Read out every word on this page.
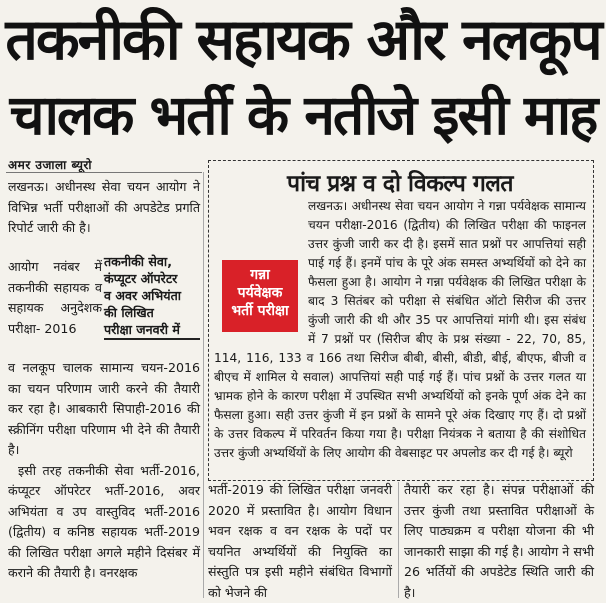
तकनीकी सहायक और नलकूप
चालक भर्ती के नतीजे इसी माह
अमर उजाला ब्यूरो
लखनऊ। अधीनस्थ सेवा चयन आयोग ने विभिन्न भर्ती परीक्षाओं की अपडेटेड प्रगति रिपोर्ट जारी की है।
आयोग नवंबर में तकनीकी सहायक व सहायक अनुदेशक परीक्षा- 2016
तकनीकी सेवा,
कंप्यूटर ऑपरेटर
व अवर अभियंता
की लिखित
परीक्षा जनवरी में

व नलकूप चालक सामान्य चयन-2016 का चयन परिणाम जारी करने की तैयारी कर रहा है। आबकारी सिपाही-2016 की स्क्रीनिंग परीक्षा परिणाम भी देने की तैयारी है।

इसी तरह तकनीकी सेवा भर्ती-2016, कंप्यूटर ऑपरेटर भर्ती-2016, अवर अभियंता व उप वास्तुविद भर्ती-2016 (द्वितीय) व कनिष्ठ सहायक भर्ती-2019 की लिखित परीक्षा अगले महीने दिसंबर में कराने की तैयारी है। वनरक्षक

पांच प्रश्न व दो विकल्प गलत

लखनऊ। अधीनस्थ सेवा चयन आयोग ने गन्ना पर्यवेक्षक सामान्य चयन परीक्षा-2016 (द्वितीय) की लिखित परीक्षा की फाइनल उत्तर कुंजी जारी कर दी है। इसमें सात प्रश्नों पर आपत्तियां सही पाई गई हैं। इनमें पांच के पूरे अंक समस्त अभ्यर्थियों को देने का फैसला हुआ है। आयोग ने गन्ना पर्यवेक्षक की लिखित परीक्षा के बाद 3 सितंबर को परीक्षा से संबंधित ऑटो सिरीज की उत्तर कुंजी जारी की थी और 35 पर आपत्तियां मांगी थी। इस संबंध में 7 प्रश्नों पर (सिरीज बीए के प्रश्न संख्या - 22, 70, 85, 114, 116, 133 व 166 तथा सिरीज बीबी, बीसी, बीडी, बीई, बीएफ, बीजी व बीएच में शामिल ये सवाल) आपत्तियां सही पाई गई हैं। पांच प्रश्नों के उत्तर गलत या भ्रामक होने के कारण परीक्षा में उपस्थित सभी अभ्यर्थियों को इनके पूर्ण अंक देने का फैसला हुआ। सही उत्तर कुंजी में इन प्रश्नों के सामने पूरे अंक दिखाए गए हैं। दो प्रश्नों के उत्तर विकल्प में परिवर्तन किया गया है। परीक्षा नियंत्रक ने बताया है की संशोधित उत्तर कुंजी अभ्यर्थियों के लिए आयोग की वेबसाइट पर अपलोड कर दी गई है। ब्यूरो

गन्ना
पर्यवेक्षक
भर्ती परीक्षा
भर्ती-2019 की लिखित परीक्षा जनवरी 2020 में प्रस्तावित है। आयोग विधान भवन रक्षक व वन रक्षक के पदों पर चयनित अभ्यर्थियों की नियुक्ति का संस्तुति पत्र इसी महीने संबंधित विभागों को भेजने की
तैयारी कर रहा है। संपन्न परीक्षाओं की उत्तर कुंजी तथा प्रस्तावित परीक्षाओं के लिए पाठ्यक्रम व परीक्षा योजना की भी जानकारी साझा की गई है। आयोग ने सभी 26 भर्तियों की अपडेटेड स्थिति जारी की है।
